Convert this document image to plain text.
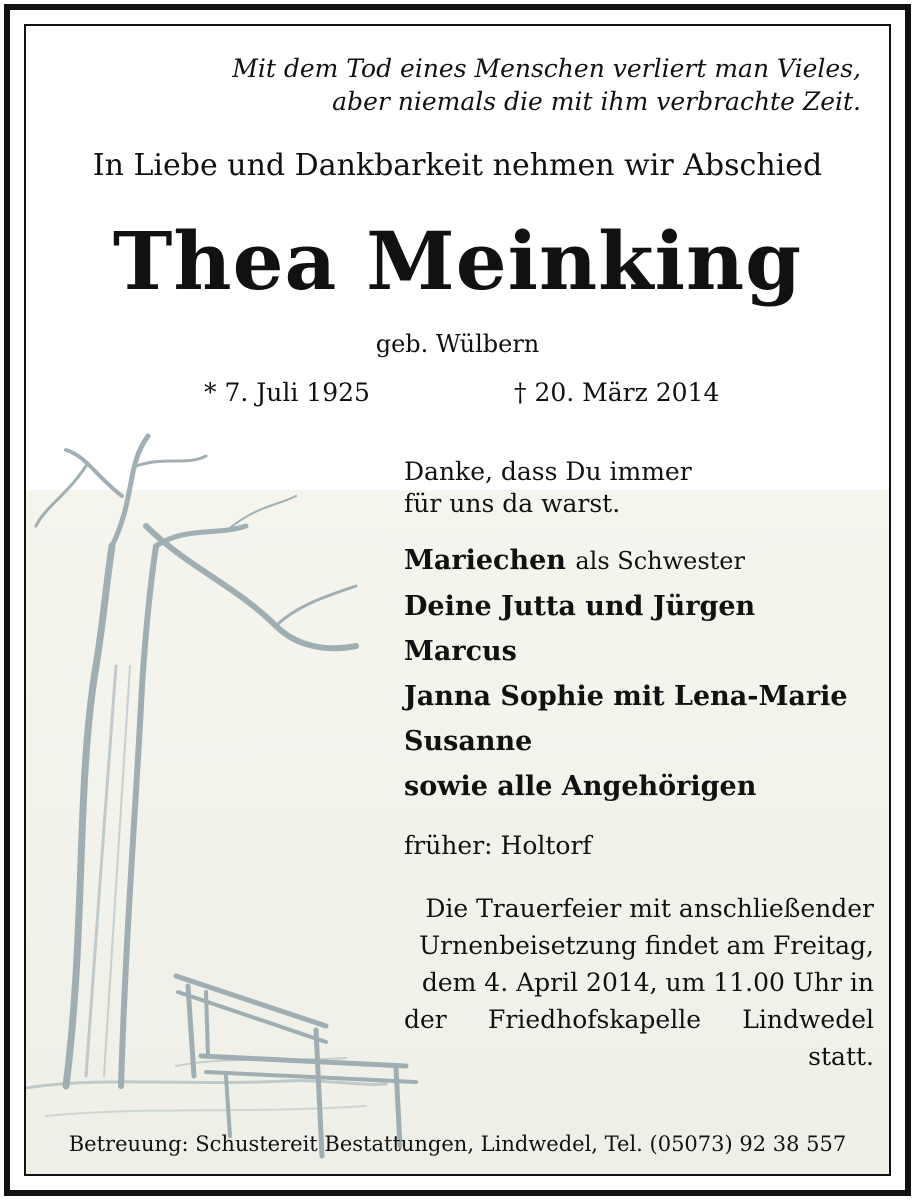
Mit dem Tod eines Menschen verliert man Vieles,
aber niemals die mit ihm verbrachte Zeit.
In Liebe und Dankbarkeit nehmen wir Abschied
Thea Meinking
geb. Wülbern
* 7. Juli 1925	† 20. März 2014
Danke, dass Du immer
für uns da warst.
Mariechen als Schwester
Deine Jutta und Jürgen
Marcus
Janna Sophie mit Lena-Marie
Susanne
sowie alle Angehörigen
früher: Holtorf
Die Trauerfeier mit anschließender
Urnenbeisetzung findet am Freitag,
dem 4. April 2014, um 11.00 Uhr in
der Friedhofskapelle Lindwedel
statt.
Betreuung: Schustereit Bestattungen, Lindwedel, Tel. (05073) 92 38 557
